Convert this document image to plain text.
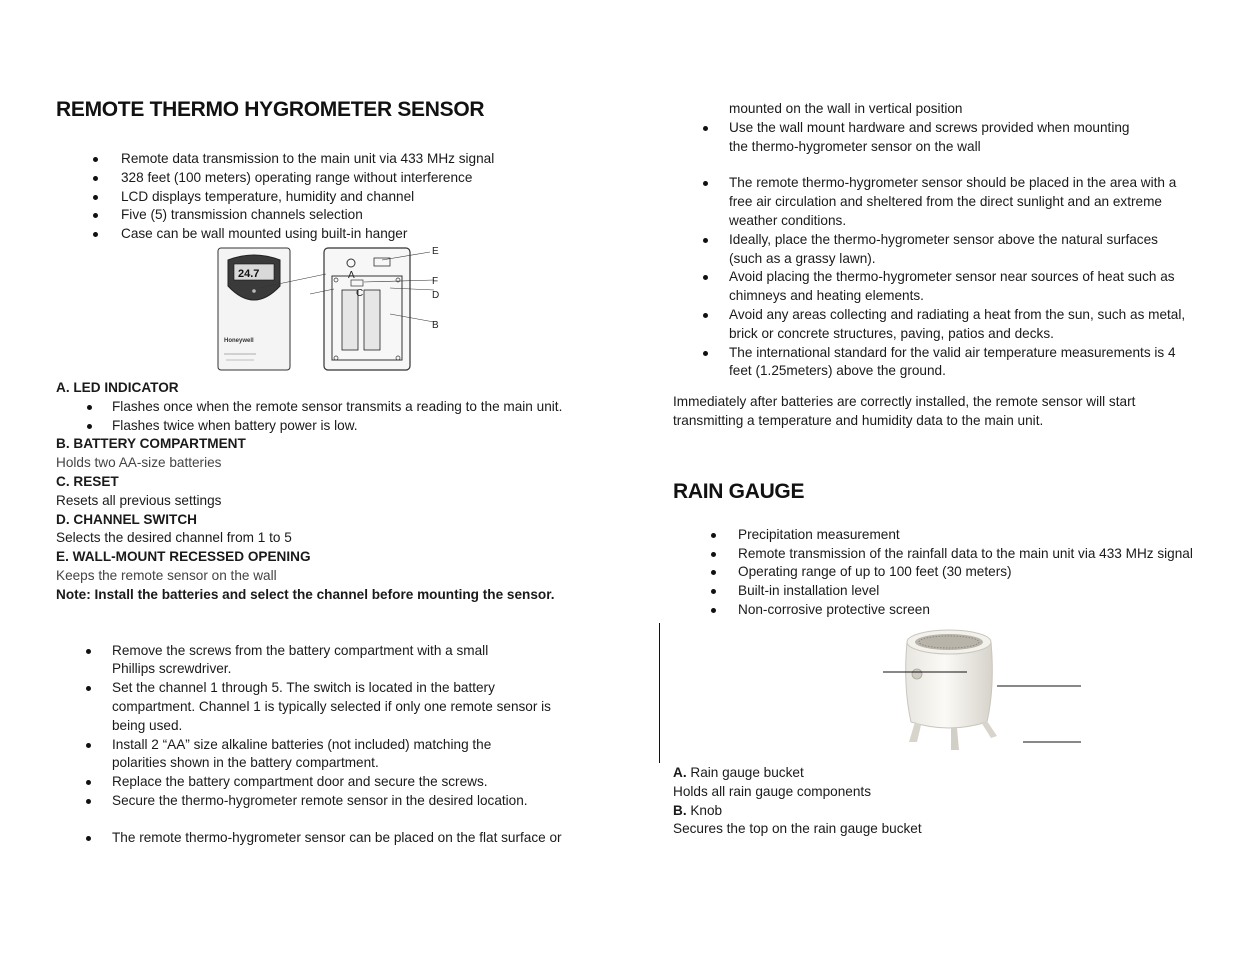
REMOTE THERMO HYGROMETER SENSOR
Remote data transmission to the main unit via 433 MHz signal
328 feet (100 meters) operating range without interference
LCD displays temperature, humidity and channel
Five (5) transmission channels selection
Case can be wall mounted using built-in hanger
24.7
Honeywell
A
C
E
F
D
B
A. LED INDICATOR
Flashes once when the remote sensor transmits a reading to the main unit.
Flashes twice when battery power is low.
B. BATTERY COMPARTMENT
Holds two AA-size batteries
C. RESET
Resets all previous settings
D. CHANNEL SWITCH
Selects the desired channel from 1 to 5
E. WALL-MOUNT RECESSED OPENING
Keeps the remote sensor on the wall
Note: Install the batteries and select the channel before mounting the sensor.
Remove the screws from the battery compartment with a small Phillips screwdriver.
Set the channel 1 through 5. The switch is located in the battery compartment. Channel 1 is typically selected if only one remote sensor is being used.
Install 2 “AA” size alkaline batteries (not included) matching the polarities shown in the battery compartment.
Replace the battery compartment door and secure the screws.
Secure the thermo-hygrometer remote sensor in the desired location.
The remote thermo-hygrometer sensor can be placed on the flat surface or
mounted on the wall in vertical position
Use the wall mount hardware and screws provided when mounting the thermo-hygrometer sensor on the wall
The remote thermo-hygrometer sensor should be placed in the area with a free air circulation and sheltered from the direct sunlight and an extreme weather conditions.
Ideally, place the thermo-hygrometer sensor above the natural surfaces (such as a grassy lawn).
Avoid placing the thermo-hygrometer sensor near sources of heat such as chimneys and heating elements.
Avoid any areas collecting and radiating a heat from the sun, such as metal, brick or concrete structures, paving, patios and decks.
The international standard for the valid air temperature measurements is 4 feet (1.25meters) above the ground.
Immediately after batteries are correctly installed, the remote sensor will start transmitting a temperature and humidity data to the main unit.
RAIN GAUGE
Precipitation measurement
Remote transmission of the rainfall data to the main unit via 433 MHz signal
Operating range of up to 100 feet (30 meters)
Built-in installation level
Non-corrosive protective screen
A. Rain gauge bucket
Holds all rain gauge components
B. Knob
Secures the top on the rain gauge bucket
